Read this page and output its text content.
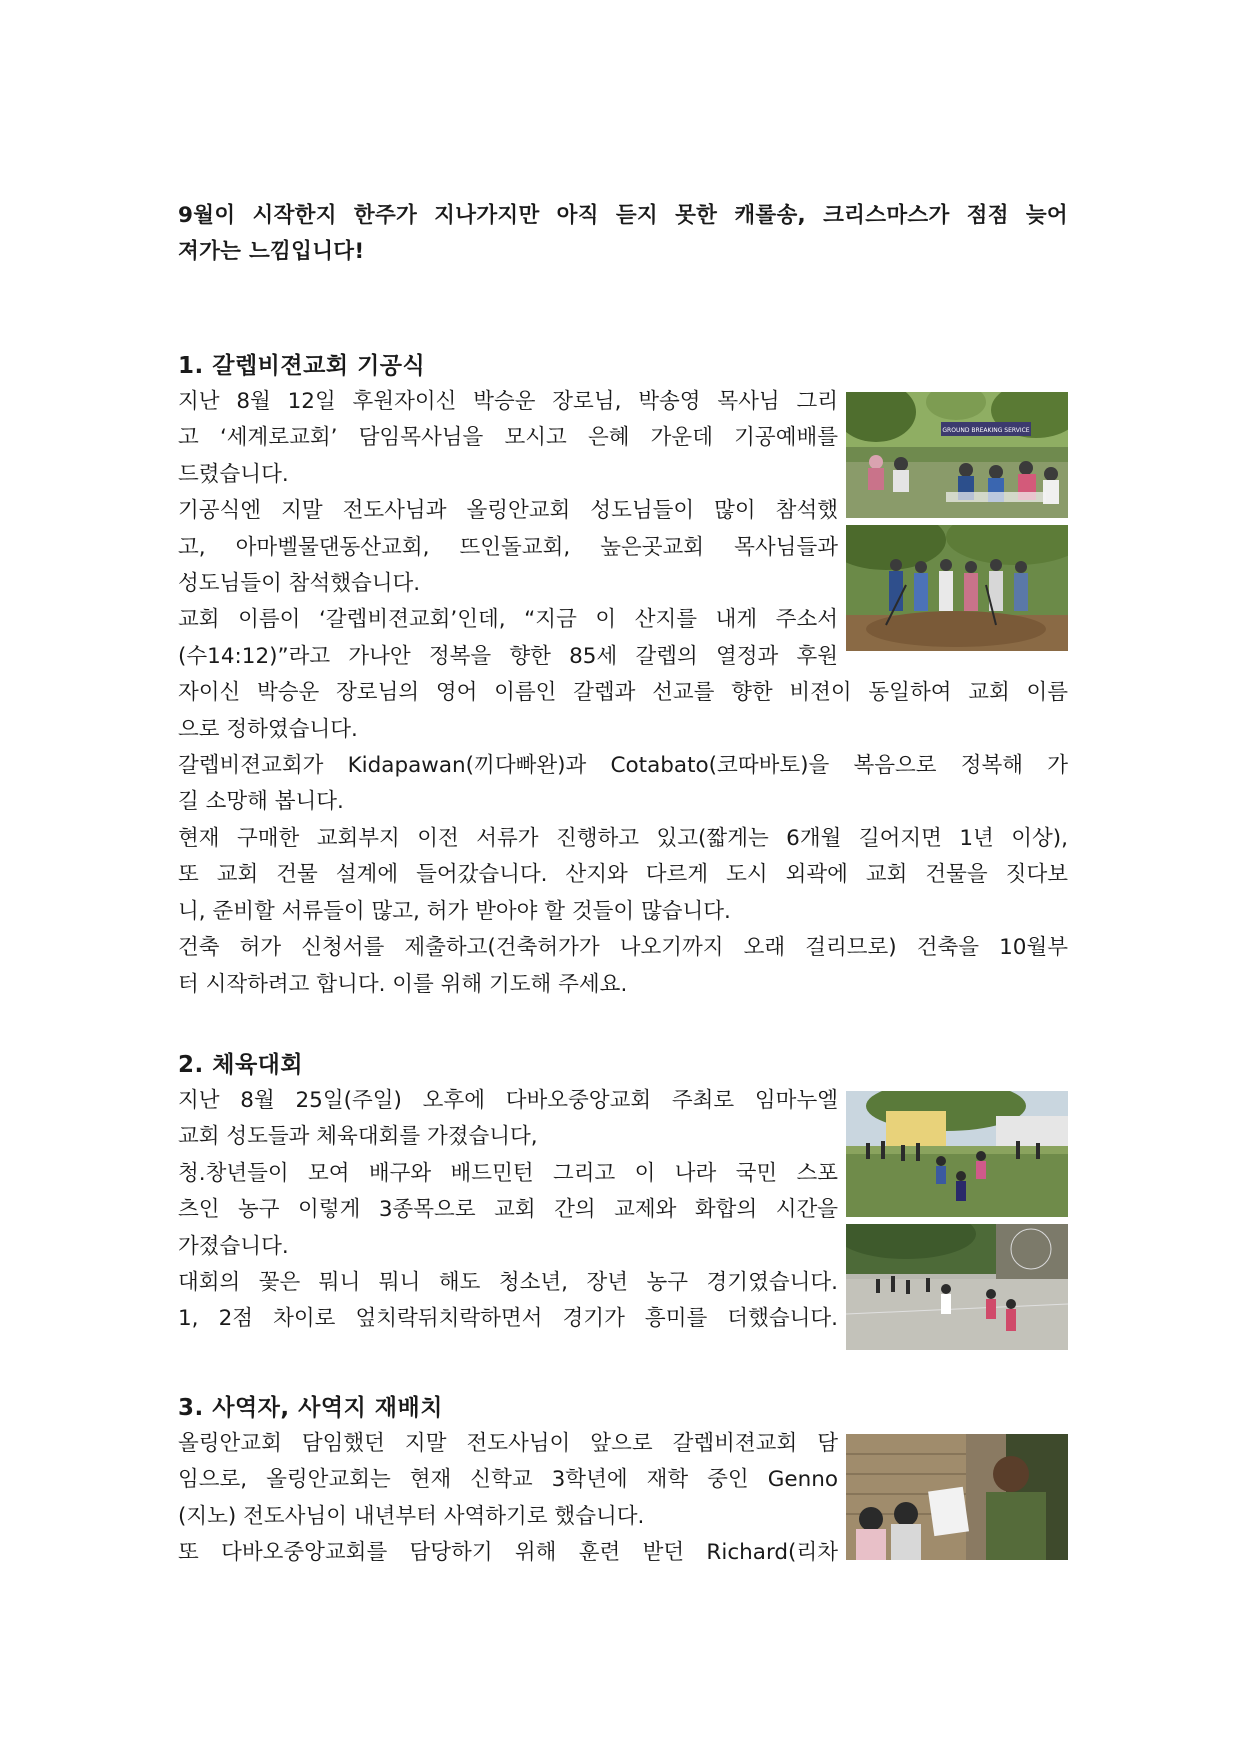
9월이 시작한지 한주가 지나가지만 아직 듣지 못한 캐롤송, 크리스마스가 점점 늦어

져가는 느낌입니다!

1. 갈렙비젼교회 기공식
지난 8월 12일 후원자이신 박승운 장로님, 박송영 목사님 그리
고 ‘세계로교회’ 담임목사님을 모시고 은혜 가운데 기공예배를
드렸습니다.
기공식엔 지말 전도사님과 올링안교회 성도님들이 많이 참석했
고, 아마벨물댄동산교회, 뜨인돌교회, 높은곳교회 목사님들과
성도님들이 참석했습니다.
교회 이름이 ‘갈렙비젼교회’인데, “지금 이 산지를 내게 주소서
(수14:12)”라고 가나안 정복을 향한 85세 갈렙의 열정과 후원
자이신 박승운 장로님의 영어 이름인 갈렙과 선교를 향한 비젼이 동일하여 교회 이름
으로 정하였습니다.
갈렙비젼교회가 Kidapawan(끼다빠완)과 Cotabato(코따바토)을 복음으로 정복해 가
길 소망해 봅니다.
현재 구매한 교회부지 이전 서류가 진행하고 있고(짧게는 6개월 길어지면 1년 이상),
또 교회 건물 설계에 들어갔습니다. 산지와 다르게 도시 외곽에 교회 건물을 짓다보
니, 준비할 서류들이 많고, 허가 받아야 할 것들이 많습니다.
건축 허가 신청서를 제출하고(건축허가가 나오기까지 오래 걸리므로) 건축을 10월부
터 시작하려고 합니다. 이를 위해 기도해 주세요.
GROUND BREAKING SERVICE
2. 체육대회
지난 8월 25일(주일) 오후에 다바오중앙교회 주최로 임마누엘
교회 성도들과 체육대회를 가졌습니다,
청.창년들이 모여 배구와 배드민턴 그리고 이 나라 국민 스포
츠인 농구 이렇게 3종목으로 교회 간의 교제와 화합의 시간을
가졌습니다.
대회의 꽃은 뭐니 뭐니 해도 청소년, 장년 농구 경기였습니다.
1, 2점 차이로 엎치락뒤치락하면서 경기가 흥미를 더했습니다.
3. 사역자, 사역지 재배치
올링안교회 담임했던 지말 전도사님이 앞으로 갈렙비젼교회 담
임으로, 올링안교회는 현재 신학교 3학년에 재학 중인 Genno
(지노) 전도사님이 내년부터 사역하기로 했습니다.
또 다바오중앙교회를 담당하기 위해 훈련 받던 Richard(리차
